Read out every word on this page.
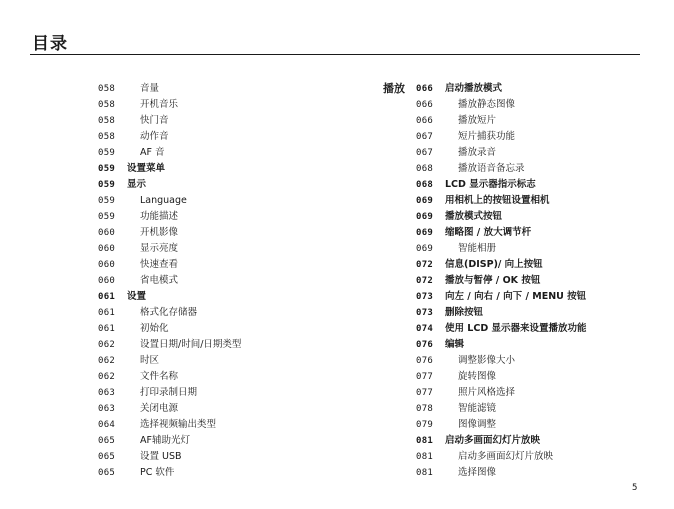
目录
058	音量
058	开机音乐
058	快门音
058	动作音
059	AF 音
059 设置菜单
059 显示
059	Language
059	功能描述
060	开机影像
060	显示亮度
060	快速查看
060	省电模式
061 设置
061	格式化存储器
061	初始化
062	设置日期/时间/日期类型
062	时区
062	文件名称
063	打印录制日期
063	关闭电源
064	选择视频输出类型
065	AF辅助光灯
065	设置 USB
065	PC 软件
播放 066 启动播放模式
066	播放静态图像
066	播放短片
067	短片捕获功能
067	播放录音
068	播放语音备忘录
068 LCD 显示器指示标志
069 用相机上的按钮设置相机
069 播放模式按钮
069 缩略图 / 放大调节杆
069	智能相册
072 信息(DISP)/ 向上按钮
072 播放与暂停 / OK 按钮
073 向左 / 向右 / 向下 / MENU 按钮
073 删除按钮
074 使用 LCD 显示器来设置播放功能
076 编辑
076	调整影像大小
077	旋转图像
077	照片风格选择
078	智能滤镜
079	图像调整
081 启动多画面幻灯片放映
081	启动多画面幻灯片放映
081	选择图像
5
